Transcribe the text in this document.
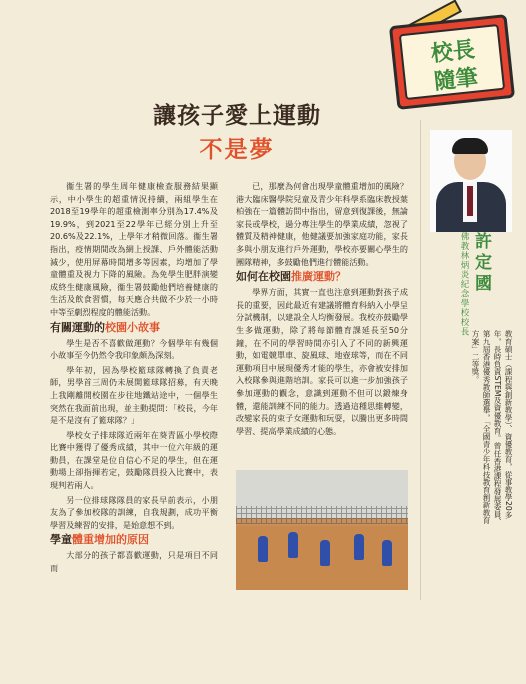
校長
隨筆
讓孩子愛上運動
不是夢

衞生署的學生周年健康檢查服務結果顯示，中小學生的超重情況持續，兩組學生在2018至19學年的超重檢測率分別為17.4%及19.9%，到2021至22學年已經分別上升至20.6%及22.1%，上學年才稍微回落。衞生署指出，疫情期間改為網上授課、戶外體能活動減少，使用屏幕時間增多等因素，均增加了學童體重及視力下降的風險。為免學生肥胖演變成終生健康風險，衞生署鼓勵他們培養健康的生活及飲食習慣，每天應合共做不少於一小時中等至劇烈程度的體能活動。

有關運動的校園小故事

學生是否不喜歡做運動？今個學年有幾個小故事至今仍然令我印象頗為深刻。

學年初，因為學校籃球隊轉換了負責老師，男學首三周仍未展開籃球隊招募，有天晚上我剛離開校園在步往地鐵站途中，一個學生突然在我面前出現，並主動提問：「校長，今年是不是沒有了籃球隊？」

學校女子排球隊近兩年在葵青區小學校際比賽中獲得了優秀成績，其中一位六年級的運動員，在課堂是位自信心不足的學生，但在運動場上卻指揮若定，鼓勵隊員投入比賽中，表現判若兩人。

另一位排球隊隊員的家長早前表示，小朋友為了參加校隊的訓練，自我規劃，成功平衡學習及練習的安排，是始意想不到。

學童體重增加的原因

大部分的孩子都喜歡運動，只是項目不同而

已，那麼為何會出現學童體重增加的風險？港大臨床醫學院兒童及青少年科學系臨床教授葉柏強在一篇體訪問中指出，留意到復課後，無論家長或學校，過分專注學生的學業成績，忽視了體質及精神健康，他健議要加強家庭功能，家長多與小朋友進行戶外運動，學校亦要關心學生的團隊精神，多鼓勵他們進行體能活動。

如何在校園推廣運動？

學界方面，其實一直也注意到運動對孩子成長的重要，因此最近有建議將體育科納入小學呈分試機制，以建設全人均衡發展。我校亦鼓勵學生多做運動，除了將每節體育課延長至50分鐘，在不同的學習時間亦引入了不同的新興運動，如電競單車、旋風球、地壺球等，而在不同運動項目中展現優秀才能的學生，亦會被安排加入校隊參與進階培訓。家長可以進一步加強孩子參加運動的觀念，意識到運動不但可以鍛煉身體，還能訓練不同的能力。透過這種思維轉變，改變家長的束子女運動和玩耍，以騰出更多時間學習、提高學業成績的心態。

許定國
佛教林炳炎紀念學校校長
教育碩士（課程與創新教學）、資優教育，從事教學20多年，長時負責STEM及資優教育。曾任香港課程發展委員、第九屆香港優秀教師選舉，「全國青少年科技教育創新教育方案」二等獎。
